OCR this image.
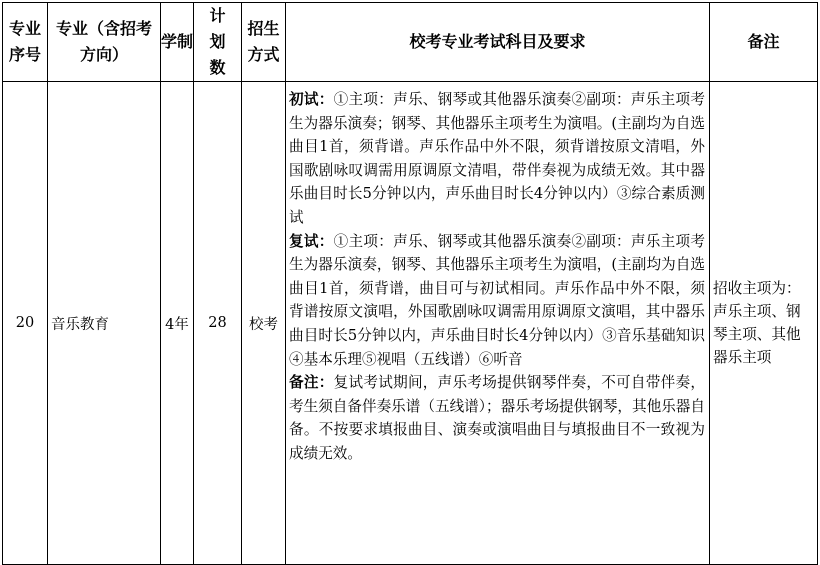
专业序号	专业（含招考方向）	学制	计划数	招生方式	校考专业考试科目及要求	备注
20	音乐教育	4年	28	校考	初试：①主项：声乐、钢琴或其他器乐演奏②副项：声乐主项考生为器乐演奏；钢琴、其他器乐主项考生为演唱。(主副均为自选曲目1首，须背谱。声乐作品中外不限，须背谱按原文清唱，外国歌剧咏叹调需用原调原文清唱，带伴奏视为成绩无效。其中器乐曲目时长5分钟以内，声乐曲目时长4分钟以内）③综合素质测试
复试：①主项：声乐、钢琴或其他器乐演奏②副项：声乐主项考生为器乐演奏，钢琴、其他器乐主项考生为演唱，(主副均为自选曲目1首，须背谱，曲目可与初试相同。声乐作品中外不限，须背谱按原文演唱，外国歌剧咏叹调需用原调原文演唱，其中器乐曲目时长5分钟以内，声乐曲目时长4分钟以内）③音乐基础知识④基本乐理⑤视唱（五线谱）⑥听音
备注：复试考试期间，声乐考场提供钢琴伴奏，不可自带伴奏，考生须自备伴奏乐谱（五线谱）；器乐考场提供钢琴，其他乐器自备。不按要求填报曲目、演奏或演唱曲目与填报曲目不一致视为成绩无效。	招收主项为：声乐主项、钢琴主项、其他器乐主项
